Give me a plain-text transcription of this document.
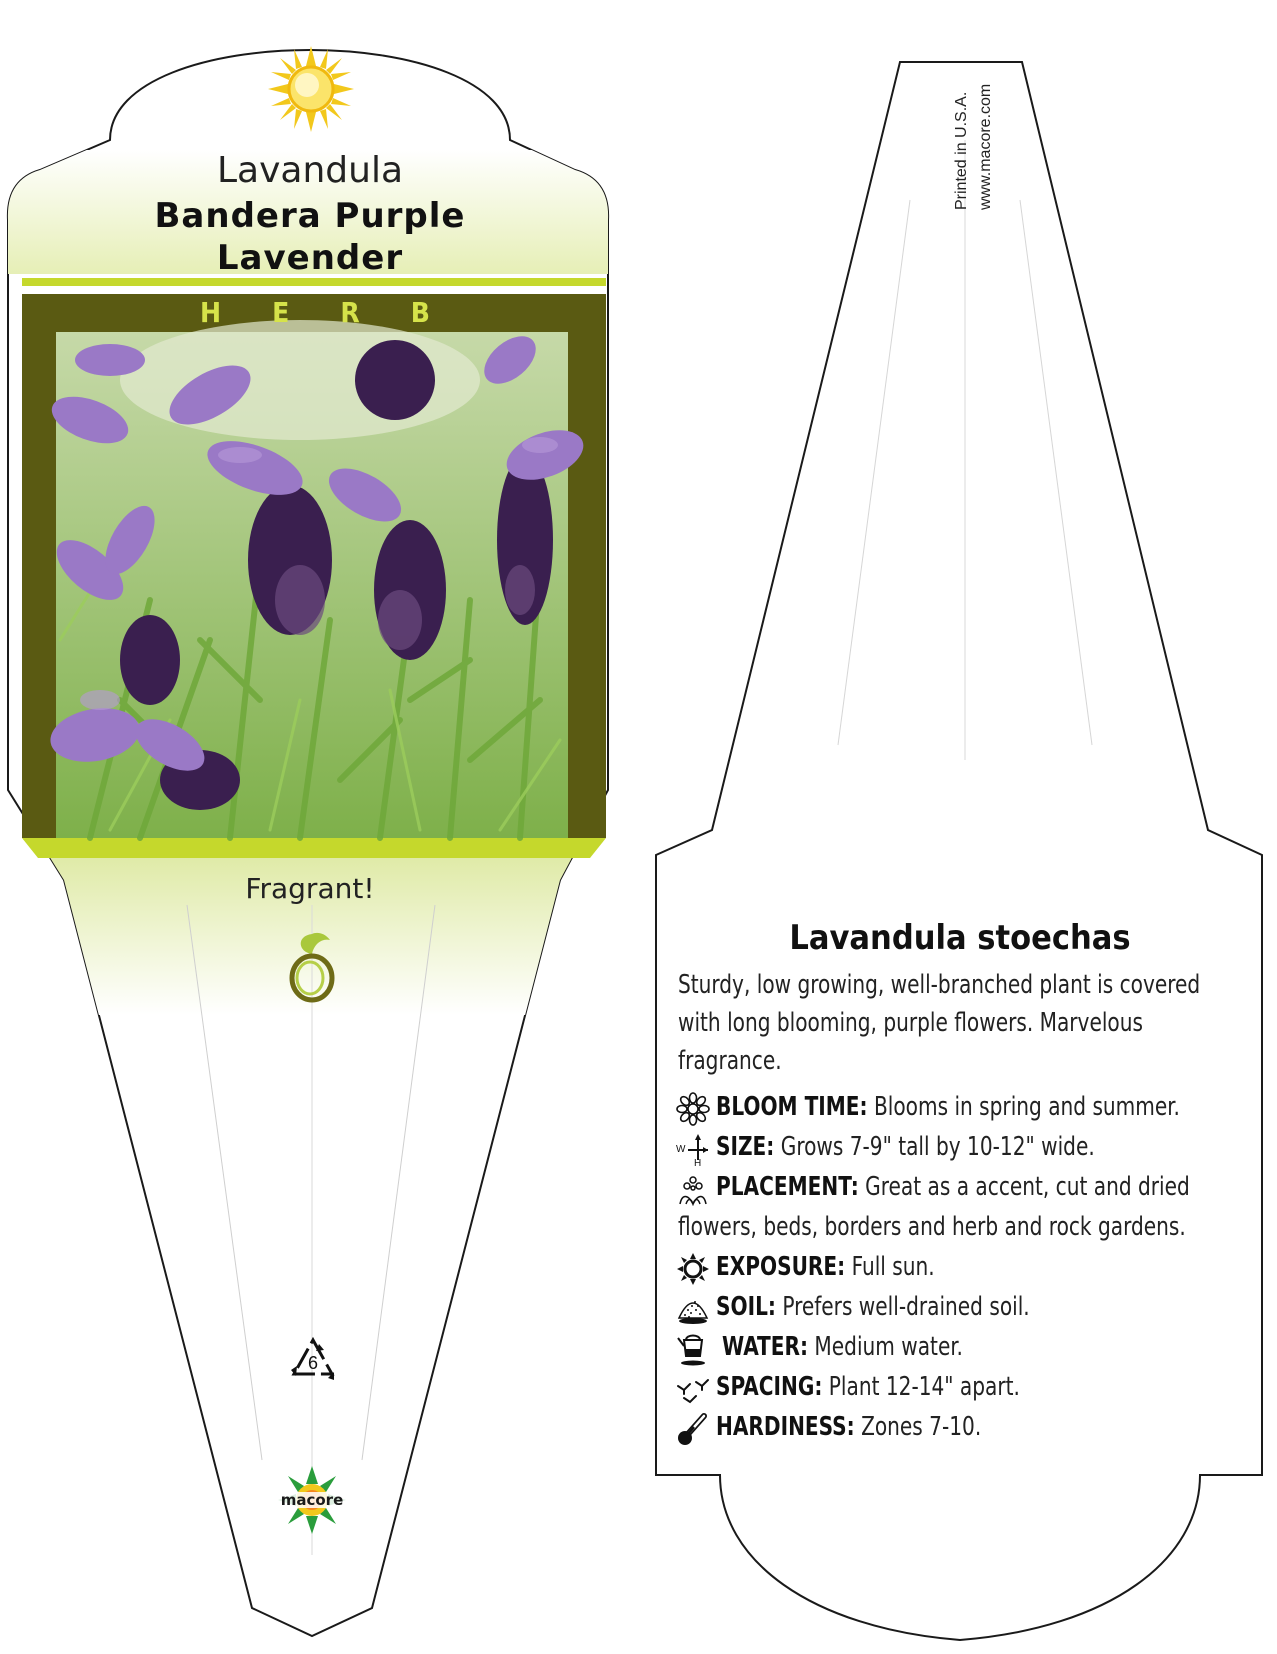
Lavandula
Bandera Purple
Lavender
H E R B
Fragrant!
6
macore
Printed in U.S.A. www.macore.com
Lavandula stoechas
Sturdy, low growing, well-branched plant is covered with long blooming, purple flowers. Marvelous fragrance.
W
H
BLOOM TIME: Blooms in spring and summer.
SIZE: Grows 7-9" tall by 10-12" wide.
PLACEMENT: Great as a accent, cut and dried
flowers, beds, borders and herb and rock gardens.
EXPOSURE: Full sun.
SOIL: Prefers well-drained soil.
WATER: Medium water.
SPACING: Plant 12-14" apart.
HARDINESS: Zones 7-10.
